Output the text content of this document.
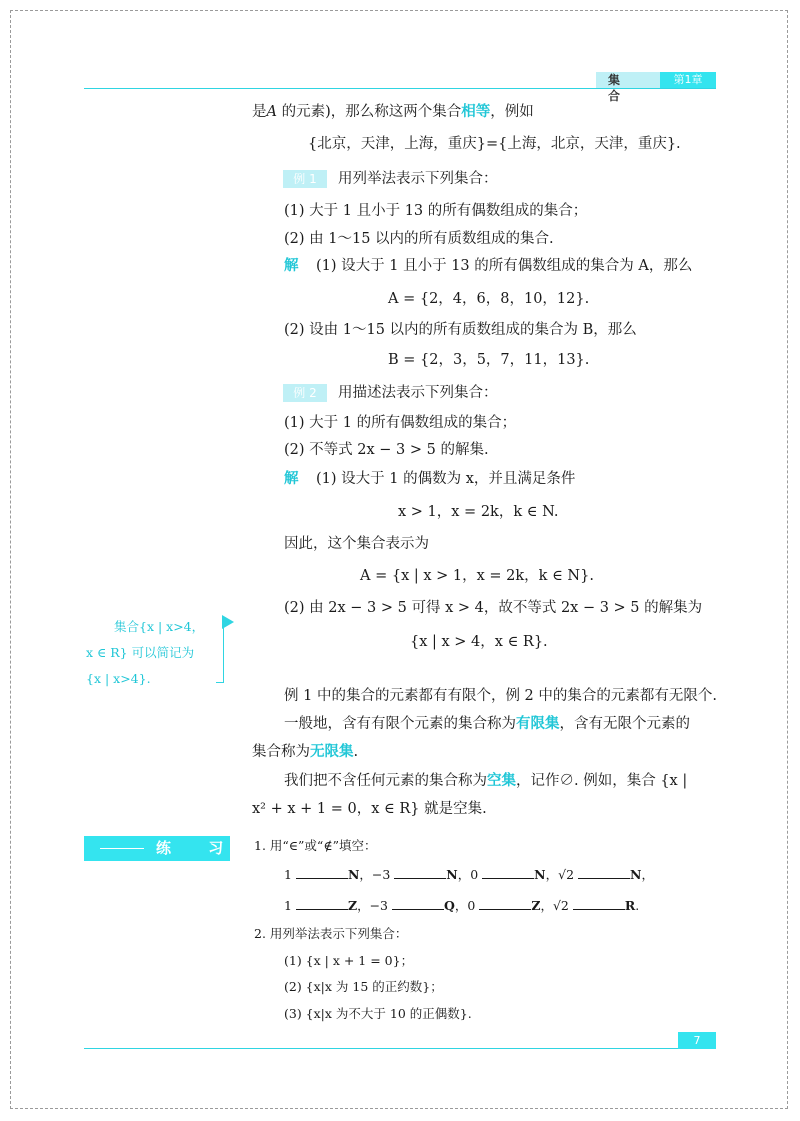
集　合
第1章
是A 的元素)，那么称这两个集合相等，例如
{北京，天津，上海，重庆}={上海，北京，天津，重庆}.
例 1	用列举法表示下列集合：
(1) 大于 1 且小于 13 的所有偶数组成的集合；
(2) 由 1～15 以内的所有质数组成的集合.
解 (1) 设大于 1 且小于 13 的所有偶数组成的集合为 A，那么
A = {2，4，6，8，10，12}.
(2) 设由 1～15 以内的所有质数组成的集合为 B，那么
B = {2，3，5，7，11，13}.
例 2	用描述法表示下列集合：
(1) 大于 1 的所有偶数组成的集合；
(2) 不等式 2x − 3 > 5 的解集.
解 (1) 设大于 1 的偶数为 x，并且满足条件
x > 1，x = 2k，k ∈ N.
因此，这个集合表示为
A = {x | x > 1，x = 2k，k ∈ N}.
(2) 由 2x − 3 > 5 可得 x > 4，故不等式 2x − 3 > 5 的解集为
{x | x > 4，x ∈ R}.
集合{x | x>4，
x ∈ R} 可以简记为
{x | x>4}.
例 1 中的集合的元素都有有限个，例 2 中的集合的元素都有无限个.
一般地，含有有限个元素的集合称为有限集，含有无限个元素的
集合称为无限集.
我们把不含任何元素的集合称为空集，记作∅. 例如，集合 {x |
x² + x + 1 = 0，x ∈ R} 就是空集.
练 习 1. 用“∈”或“∉”填空：
1	N，−3	N，0	N，√2	N，
1	Z，−3	Q，0	Z，√2	R.
2. 用列举法表示下列集合：
(1) {x | x + 1 = 0}；
(2) {x|x 为 15 的正约数}；
(3) {x|x 为不大于 10 的正偶数}.
7
